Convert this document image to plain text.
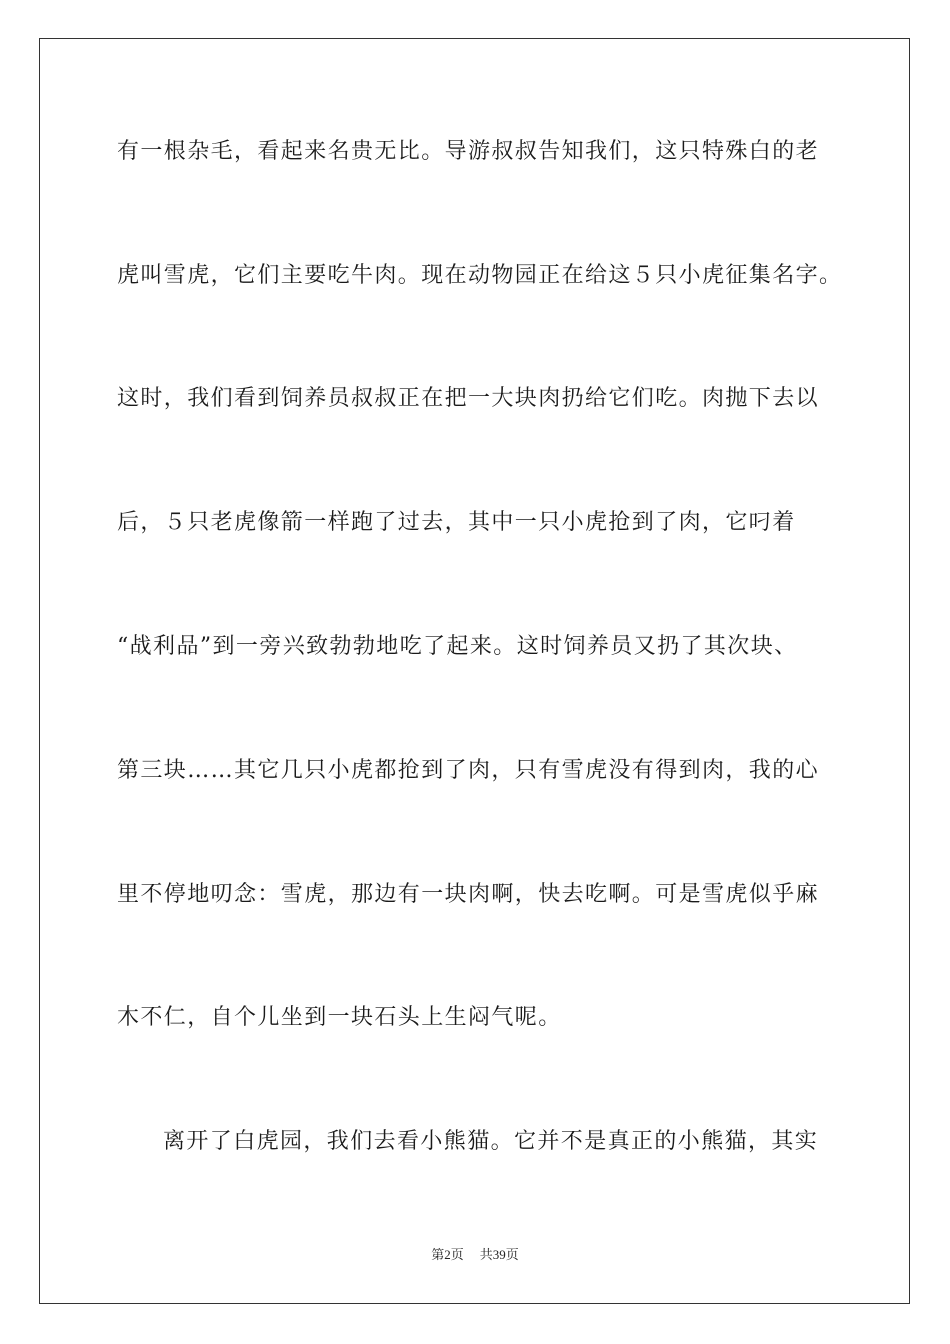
有一根杂毛，看起来名贵无比。导游叔叔告知我们，这只特殊白的老
虎叫雪虎，它们主要吃牛肉。现在动物园正在给这５只小虎征集名字。
这时，我们看到饲养员叔叔正在把一大块肉扔给它们吃。肉抛下去以
后，５只老虎像箭一样跑了过去，其中一只小虎抢到了肉，它叼着
“战利品”到一旁兴致勃勃地吃了起来。这时饲养员又扔了其次块、
第三块……其它几只小虎都抢到了肉，只有雪虎没有得到肉，我的心
里不停地叨念：雪虎，那边有一块肉啊，快去吃啊。可是雪虎似乎麻
木不仁，自个儿坐到一块石头上生闷气呢。
离开了白虎园，我们去看小熊猫。它并不是真正的小熊猫，其实
第2页 共39页
